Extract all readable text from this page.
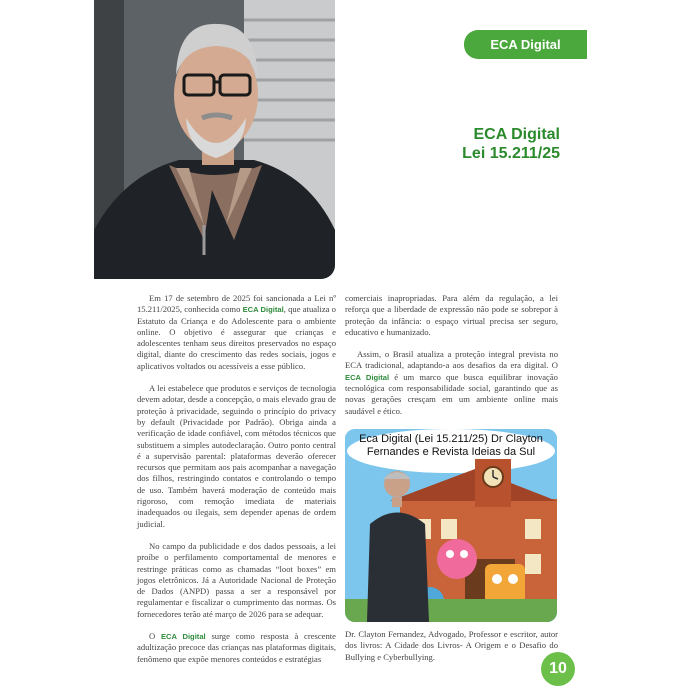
ECA Digital
ECA Digital
Lei 15.211/25

Em 17 de setembro de 2025 foi sancionada a Lei nº 15.211/2025, conhecida como ECA Digital, que atualiza o Estatuto da Criança e do Adolescente para o ambiente online. O objetivo é assegurar que crianças e adolescentes tenham seus direitos preservados no espaço digital, diante do crescimento das redes sociais, jogos e aplicativos voltados ou acessíveis a esse público.

A lei estabelece que produtos e serviços de tecnologia devem adotar, desde a concepção, o mais elevado grau de proteção à privacidade, seguindo o princípio do privacy by default (Privacidade por Padrão). Obriga ainda a verificação de idade confiável, com métodos técnicos que substituem a simples autodeclaração. Outro ponto central é a supervisão parental: plataformas deverão oferecer recursos que permitam aos pais acompanhar a navegação dos filhos, restringindo contatos e controlando o tempo de uso. Também haverá moderação de conteúdo mais rigoroso, com remoção imediata de materiais inadequados ou ilegais, sem depender apenas de ordem judicial.

No campo da publicidade e dos dados pessoais, a lei proíbe o perfilamento comportamental de menores e restringe práticas como as chamadas “loot boxes” em jogos eletrônicos. Já a Autoridade Nacional de Proteção de Dados (ANPD) passa a ser a responsável por regulamentar e fiscalizar o cumprimento das normas. Os fornecedores terão até março de 2026 para se adequar.

O ECA Digital surge como resposta à crescente adultização precoce das crianças nas plataformas digitais, fenômeno que expõe menores conteúdos e estratégias

comerciais inapropriadas. Para além da regulação, a lei reforça que a liberdade de expressão não pode se sobrepor à proteção da infância: o espaço virtual precisa ser seguro, educativo e humanizado.

Assim, o Brasil atualiza a proteção integral prevista no ECA tradicional, adaptando-a aos desafios da era digital. O ECA Digital é um marco que busca equilibrar inovação tecnológica com responsabilidade social, garantindo que as novas gerações cresçam em um ambiente online mais saudável e ético.

Eca Digital (Lei 15.211/25) Dr Clayton Fernandes e Revista Ideias da Sul
Dr. Clayton Fernandez, Advogado, Professor e escritor, autor dos livros: A Cidade dos Livros- A Origem e o Desafio do Bullying e Cyberbullying.
10
